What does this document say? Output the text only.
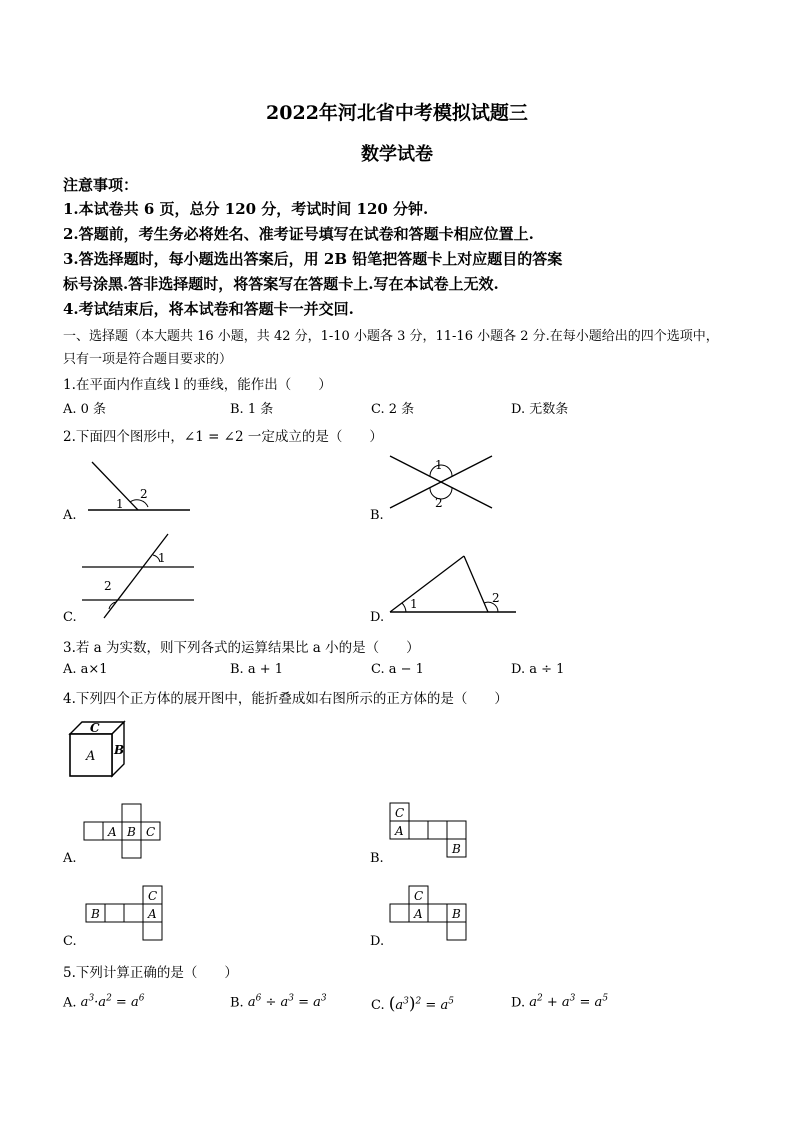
2022年河北省中考模拟试题三
数学试卷
注意事项：
1.本试卷共 6 页，总分 120 分，考试时间 120 分钟.
2.答题前，考生务必将姓名、准考证号填写在试卷和答题卡相应位置上.
3.答选择题时，每小题选出答案后，用 2B 铅笔把答题卡上对应题目的答案
标号涂黑.答非选择题时，将答案写在答题卡上.写在本试卷上无效.
4.考试结束后，将本试卷和答题卡一并交回.
一、选择题（本大题共 16 小题，共 42 分，1-10 小题各 3 分，11-16 小题各 2 分.在每小题给出的四个选项中，
只有一项是符合题目要求的）
1.在平面内作直线 l 的垂线，能作出（　　）
A. 0 条	B. 1 条	C. 2 条	D. 无数条
2.下面四个图形中，∠1 = ∠2 一定成立的是（　　）
1
2
A.
1
2
B.
1
2
C.
1	2
D.
3.若 a 为实数，则下列各式的运算结果比 a 小的是（　　）
A. a×1	B. a + 1	C. a − 1	D. a ÷ 1
4.下列四个正方体的展开图中，能折叠成如右图所示的正方体的是（　　）
C
A B
A B C
A.
C
A
B
B.
B
C
A
C.
C
A B
D.
5.下列计算正确的是（　　）
A. $a^3\cdot a^2 = a^6$	B. $a^6 \div a^3 = a^3$	C. $(a^3)^2 = a^5$	D. $a^2 + a^3 = a^5$
